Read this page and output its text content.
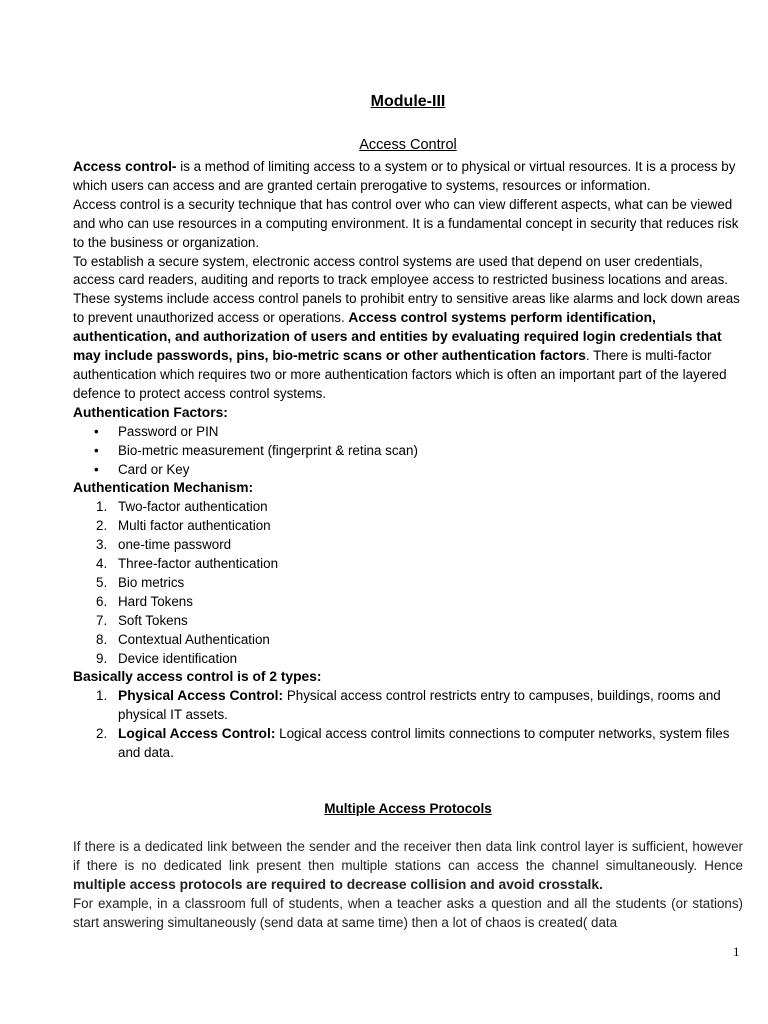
Module-III
Access Control

Access control- is a method of limiting access to a system or to physical or virtual resources. It is a process by which users can access and are granted certain prerogative to systems, resources or information.

Access control is a security technique that has control over who can view different aspects, what can be viewed and who can use resources in a computing environment. It is a fundamental concept in security that reduces risk to the business or organization.

To establish a secure system, electronic access control systems are used that depend on user credentials, access card readers, auditing and reports to track employee access to restricted business locations and areas. These systems include access control panels to prohibit entry to sensitive areas like alarms and lock down areas to prevent unauthorized access or operations. Access control systems perform identification, authentication, and authorization of users and entities by evaluating required login credentials that may include passwords, pins, bio-metric scans or other authentication factors. There is multi-factor authentication which requires two or more authentication factors which is often an important part of the layered defence to protect access control systems.

Authentication Factors:

• Password or PIN
• Bio-metric measurement (fingerprint & retina scan)
• Card or Key

Authentication Mechanism:

1. Two-factor authentication
2. Multi factor authentication
3. one-time password
4. Three-factor authentication
5. Bio metrics
6. Hard Tokens
7. Soft Tokens
8. Contextual Authentication
9. Device identification

Basically access control is of 2 types:

1. Physical Access Control: Physical access control restricts entry to campuses, buildings, rooms and physical IT assets.
2. Logical Access Control: Logical access control limits connections to computer networks, system files and data.
Multiple Access Protocols

If there is a dedicated link between the sender and the receiver then data link control layer is sufficient, however if there is no dedicated link present then multiple stations can access the channel simultaneously. Hence multiple access protocols are required to decrease collision and avoid crosstalk.

For example, in a classroom full of students, when a teacher asks a question and all the students (or stations) start answering simultaneously (send data at same time) then a lot of chaos is created( data

1
